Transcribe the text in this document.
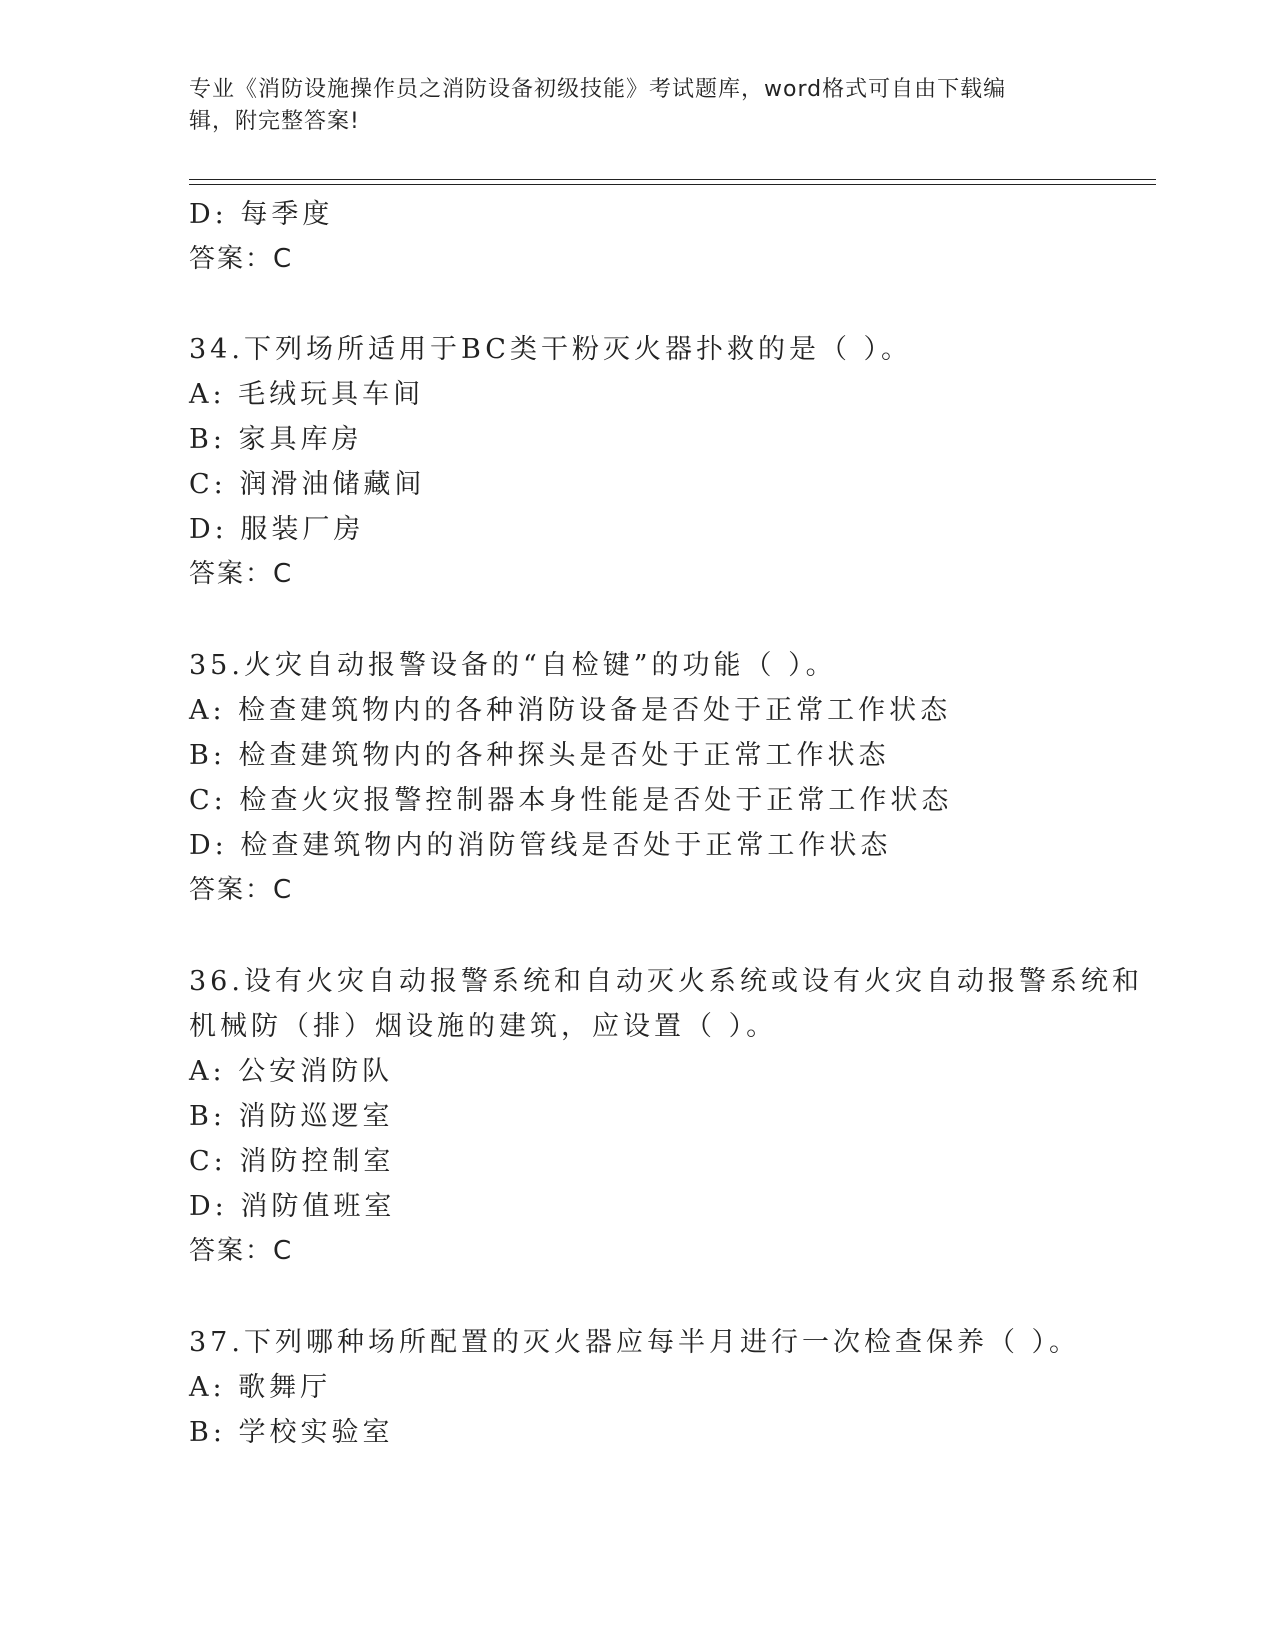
专业《消防设施操作员之消防设备初级技能》考试题库，word格式可自由下载编
辑，附完整答案!
D: 每季度
答案：C
34.下列场所适用于BC类干粉灭火器扑救的是（ ）。
A: 毛绒玩具车间
B: 家具库房
C: 润滑油储藏间
D: 服装厂房
答案：C
35.火灾自动报警设备的“自检键”的功能（ ）。
A: 检查建筑物内的各种消防设备是否处于正常工作状态
B: 检查建筑物内的各种探头是否处于正常工作状态
C: 检查火灾报警控制器本身性能是否处于正常工作状态
D: 检查建筑物内的消防管线是否处于正常工作状态
答案：C
36.设有火灾自动报警系统和自动灭火系统或设有火灾自动报警系统和
机械防（排）烟设施的建筑，应设置（ ）。
A: 公安消防队
B: 消防巡逻室
C: 消防控制室
D: 消防值班室
答案：C
37.下列哪种场所配置的灭火器应每半月进行一次检查保养（ ）。
A: 歌舞厅
B: 学校实验室
